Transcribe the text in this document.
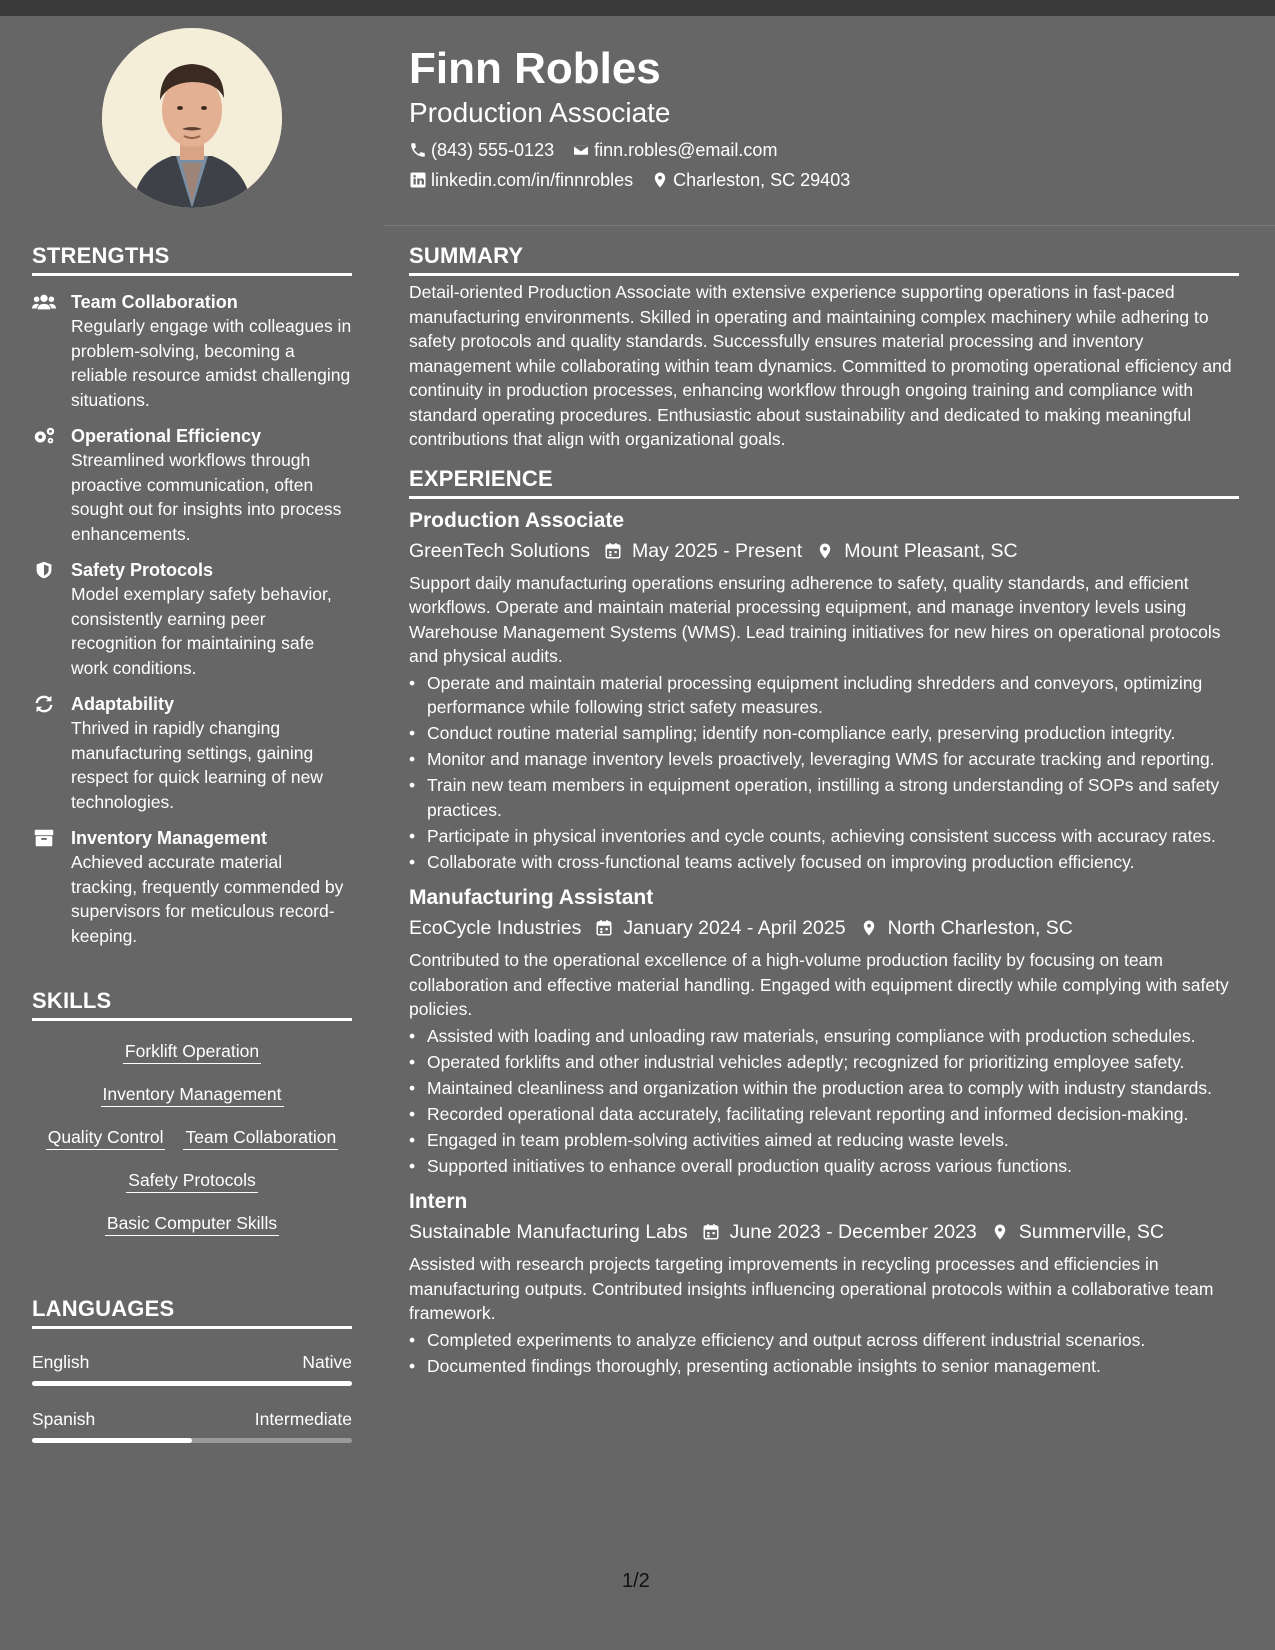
Finn Robles
Production Associate
(843) 555-0123 finn.robles@email.com
linkedin.com/in/finnrobles Charleston, SC 29403
STRENGTHS
Team Collaboration
Regularly engage with colleagues in problem-solving, becoming a reliable resource amidst challenging situations.
Operational Efficiency
Streamlined workflows through proactive communication, often sought out for insights into process enhancements.
Safety Protocols
Model exemplary safety behavior, consistently earning peer recognition for maintaining safe work conditions.
Adaptability
Thrived in rapidly changing manufacturing settings, gaining respect for quick learning of new technologies.
Inventory Management
Achieved accurate material tracking, frequently commended by supervisors for meticulous record-keeping.
SKILLS
Forklift Operation
Inventory Management
Quality Control Team Collaboration
Safety Protocols
Basic Computer Skills
LANGUAGES
English	Native
Spanish	Intermediate
SUMMARY
Detail-oriented Production Associate with extensive experience supporting operations in fast-paced manufacturing environments. Skilled in operating and maintaining complex machinery while adhering to safety protocols and quality standards. Successfully ensures material processing and inventory management while collaborating within team dynamics. Committed to promoting operational efficiency and continuity in production processes, enhancing workflow through ongoing training and compliance with standard operating procedures. Enthusiastic about sustainability and dedicated to making meaningful contributions that align with organizational goals.
EXPERIENCE
Production Associate
GreenTech Solutions May 2025 - Present Mount Pleasant, SC
Support daily manufacturing operations ensuring adherence to safety, quality standards, and efficient workflows. Operate and maintain material processing equipment, and manage inventory levels using Warehouse Management Systems (WMS). Lead training initiatives for new hires on operational protocols and physical audits.
• Operate and maintain material processing equipment including shredders and conveyors, optimizing performance while following strict safety measures.
• Conduct routine material sampling; identify non-compliance early, preserving production integrity.
• Monitor and manage inventory levels proactively, leveraging WMS for accurate tracking and reporting.
• Train new team members in equipment operation, instilling a strong understanding of SOPs and safety practices.
• Participate in physical inventories and cycle counts, achieving consistent success with accuracy rates.
• Collaborate with cross-functional teams actively focused on improving production efficiency.
Manufacturing Assistant
EcoCycle Industries January 2024 - April 2025 North Charleston, SC
Contributed to the operational excellence of a high-volume production facility by focusing on team collaboration and effective material handling. Engaged with equipment directly while complying with safety policies.
• Assisted with loading and unloading raw materials, ensuring compliance with production schedules.
• Operated forklifts and other industrial vehicles adeptly; recognized for prioritizing employee safety.
• Maintained cleanliness and organization within the production area to comply with industry standards.
• Recorded operational data accurately, facilitating relevant reporting and informed decision-making.
• Engaged in team problem-solving activities aimed at reducing waste levels.
• Supported initiatives to enhance overall production quality across various functions.
Intern
Sustainable Manufacturing Labs June 2023 - December 2023 Summerville, SC
Assisted with research projects targeting improvements in recycling processes and efficiencies in manufacturing outputs. Contributed insights influencing operational protocols within a collaborative team framework.
• Completed experiments to analyze efficiency and output across different industrial scenarios.
• Documented findings thoroughly, presenting actionable insights to senior management.
1/2
